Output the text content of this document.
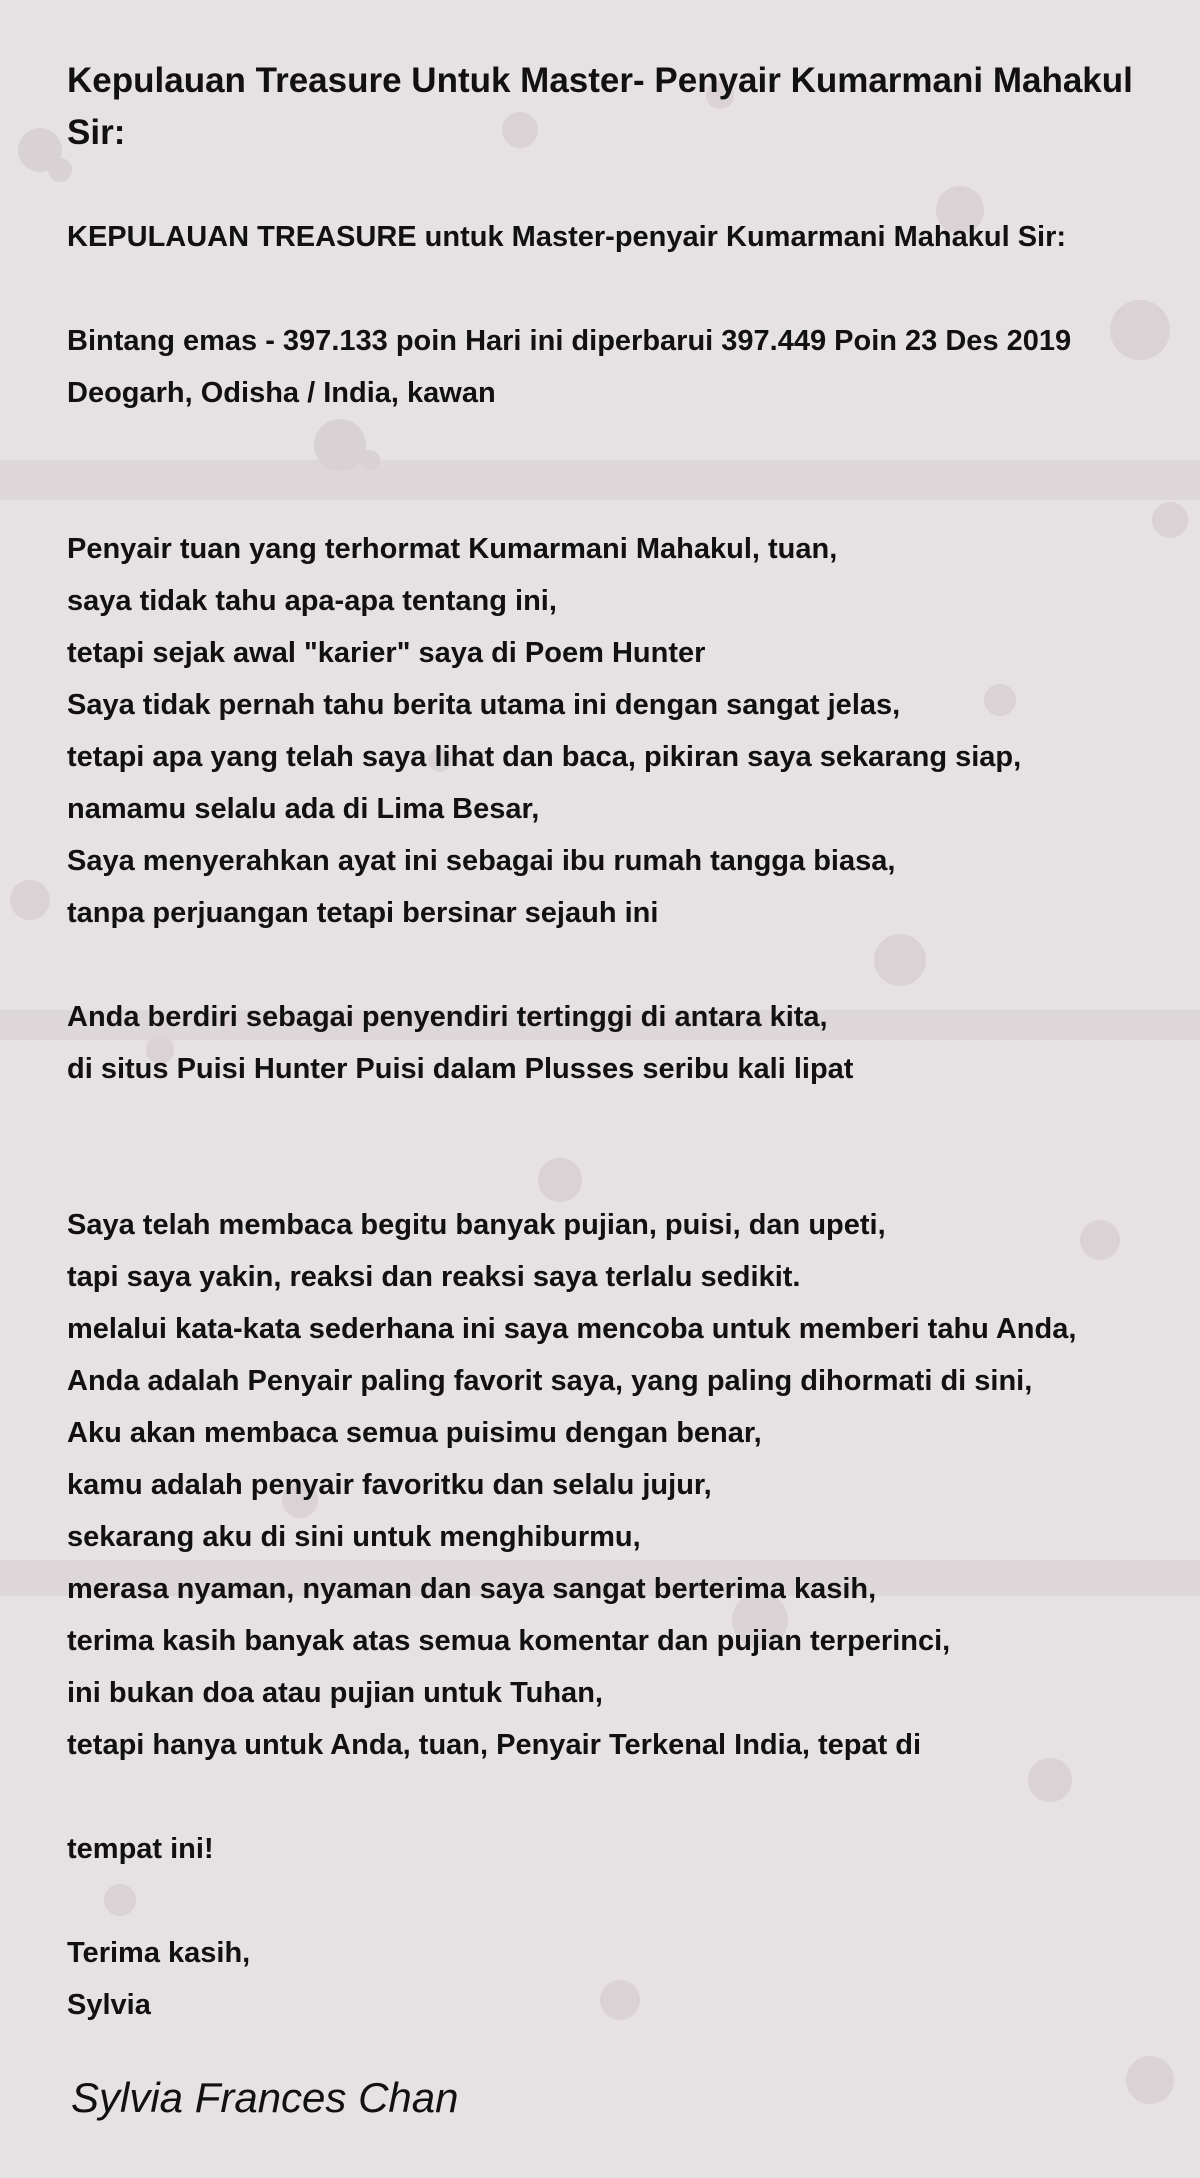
Kepulauan Treasure Untuk Master- Penyair Kumarmani Mahakul Sir:
KEPULAUAN TREASURE untuk Master-penyair Kumarmani Mahakul Sir:
Bintang emas - 397.133 poin Hari ini diperbarui 397.449 Poin 23 Des 2019
Deogarh, Odisha / India, kawan
Penyair tuan yang terhormat Kumarmani Mahakul, tuan,
saya tidak tahu apa-apa tentang ini,
tetapi sejak awal "karier" saya di Poem Hunter
Saya tidak pernah tahu berita utama ini dengan sangat jelas,
tetapi apa yang telah saya lihat dan baca, pikiran saya sekarang siap,
namamu selalu ada di Lima Besar,
Saya menyerahkan ayat ini sebagai ibu rumah tangga biasa,
tanpa perjuangan tetapi bersinar sejauh ini
Anda berdiri sebagai penyendiri tertinggi di antara kita,
di situs Puisi Hunter Puisi dalam Plusses seribu kali lipat
Saya telah membaca begitu banyak pujian, puisi, dan upeti,
tapi saya yakin, reaksi dan reaksi saya terlalu sedikit.
melalui kata-kata sederhana ini saya mencoba untuk memberi tahu Anda,
Anda adalah Penyair paling favorit saya, yang paling dihormati di sini,
Aku akan membaca semua puisimu dengan benar,
kamu adalah penyair favoritku dan selalu jujur,
sekarang aku di sini untuk menghiburmu,
merasa nyaman, nyaman dan saya sangat berterima kasih,
terima kasih banyak atas semua komentar dan pujian terperinci,
ini bukan doa atau pujian untuk Tuhan,
tetapi hanya untuk Anda, tuan, Penyair Terkenal India, tepat di
tempat ini!
Terima kasih,
Sylvia
Sylvia Frances Chan
